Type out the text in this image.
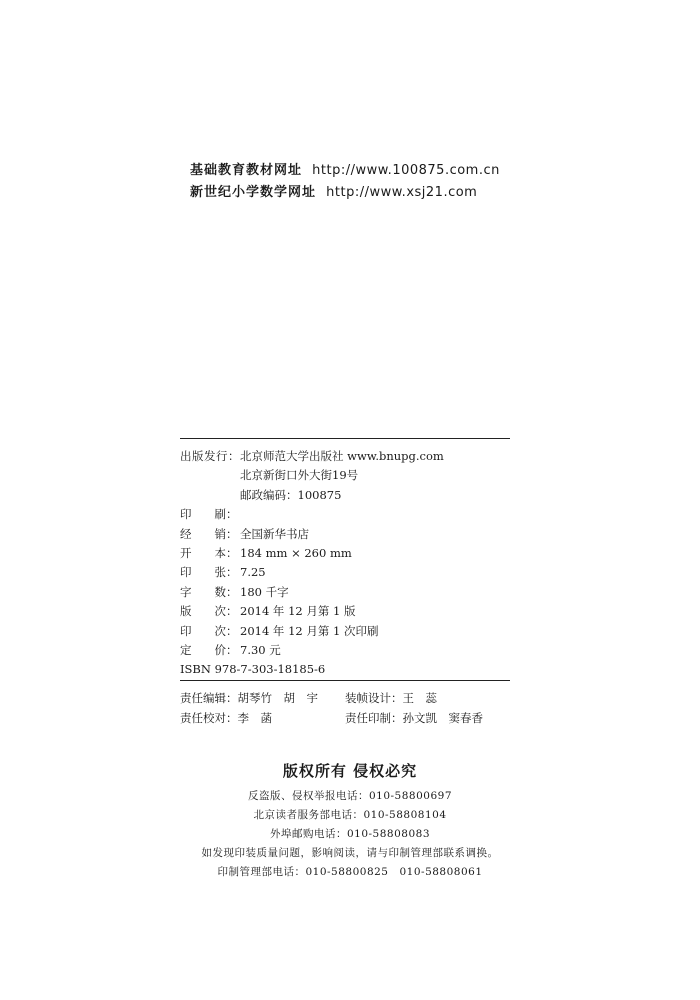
基础教育教材网址 http://www.100875.com.cn
新世纪小学数学网址 http://www.xsj21.com
出版发行：北京师范大学出版社 www.bnupg.com
北京新街口外大街19号
邮政编码：100875
印　　刷：
经　　销： 全国新华书店
开　　本： 184 mm × 260 mm
印　　张： 7.25
字　　数： 180 千字
版　　次： 2014 年 12 月第 1 版
印　　次： 2014 年 12 月第 1 次印刷
定　　价： 7.30 元
ISBN 978-7-303-18185-6
责任编辑：胡琴竹　胡　宇 装帧设计：王　蕊
责任校对：李　菡	责任印制：孙文凯　窦春香
版权所有 侵权必究
反盗版、侵权举报电话：010-58800697
北京读者服务部电话：010-58808104
外埠邮购电话：010-58808083
如发现印装质量问题，影响阅读，请与印制管理部联系调换。
印制管理部电话：010-58800825　010-58808061
